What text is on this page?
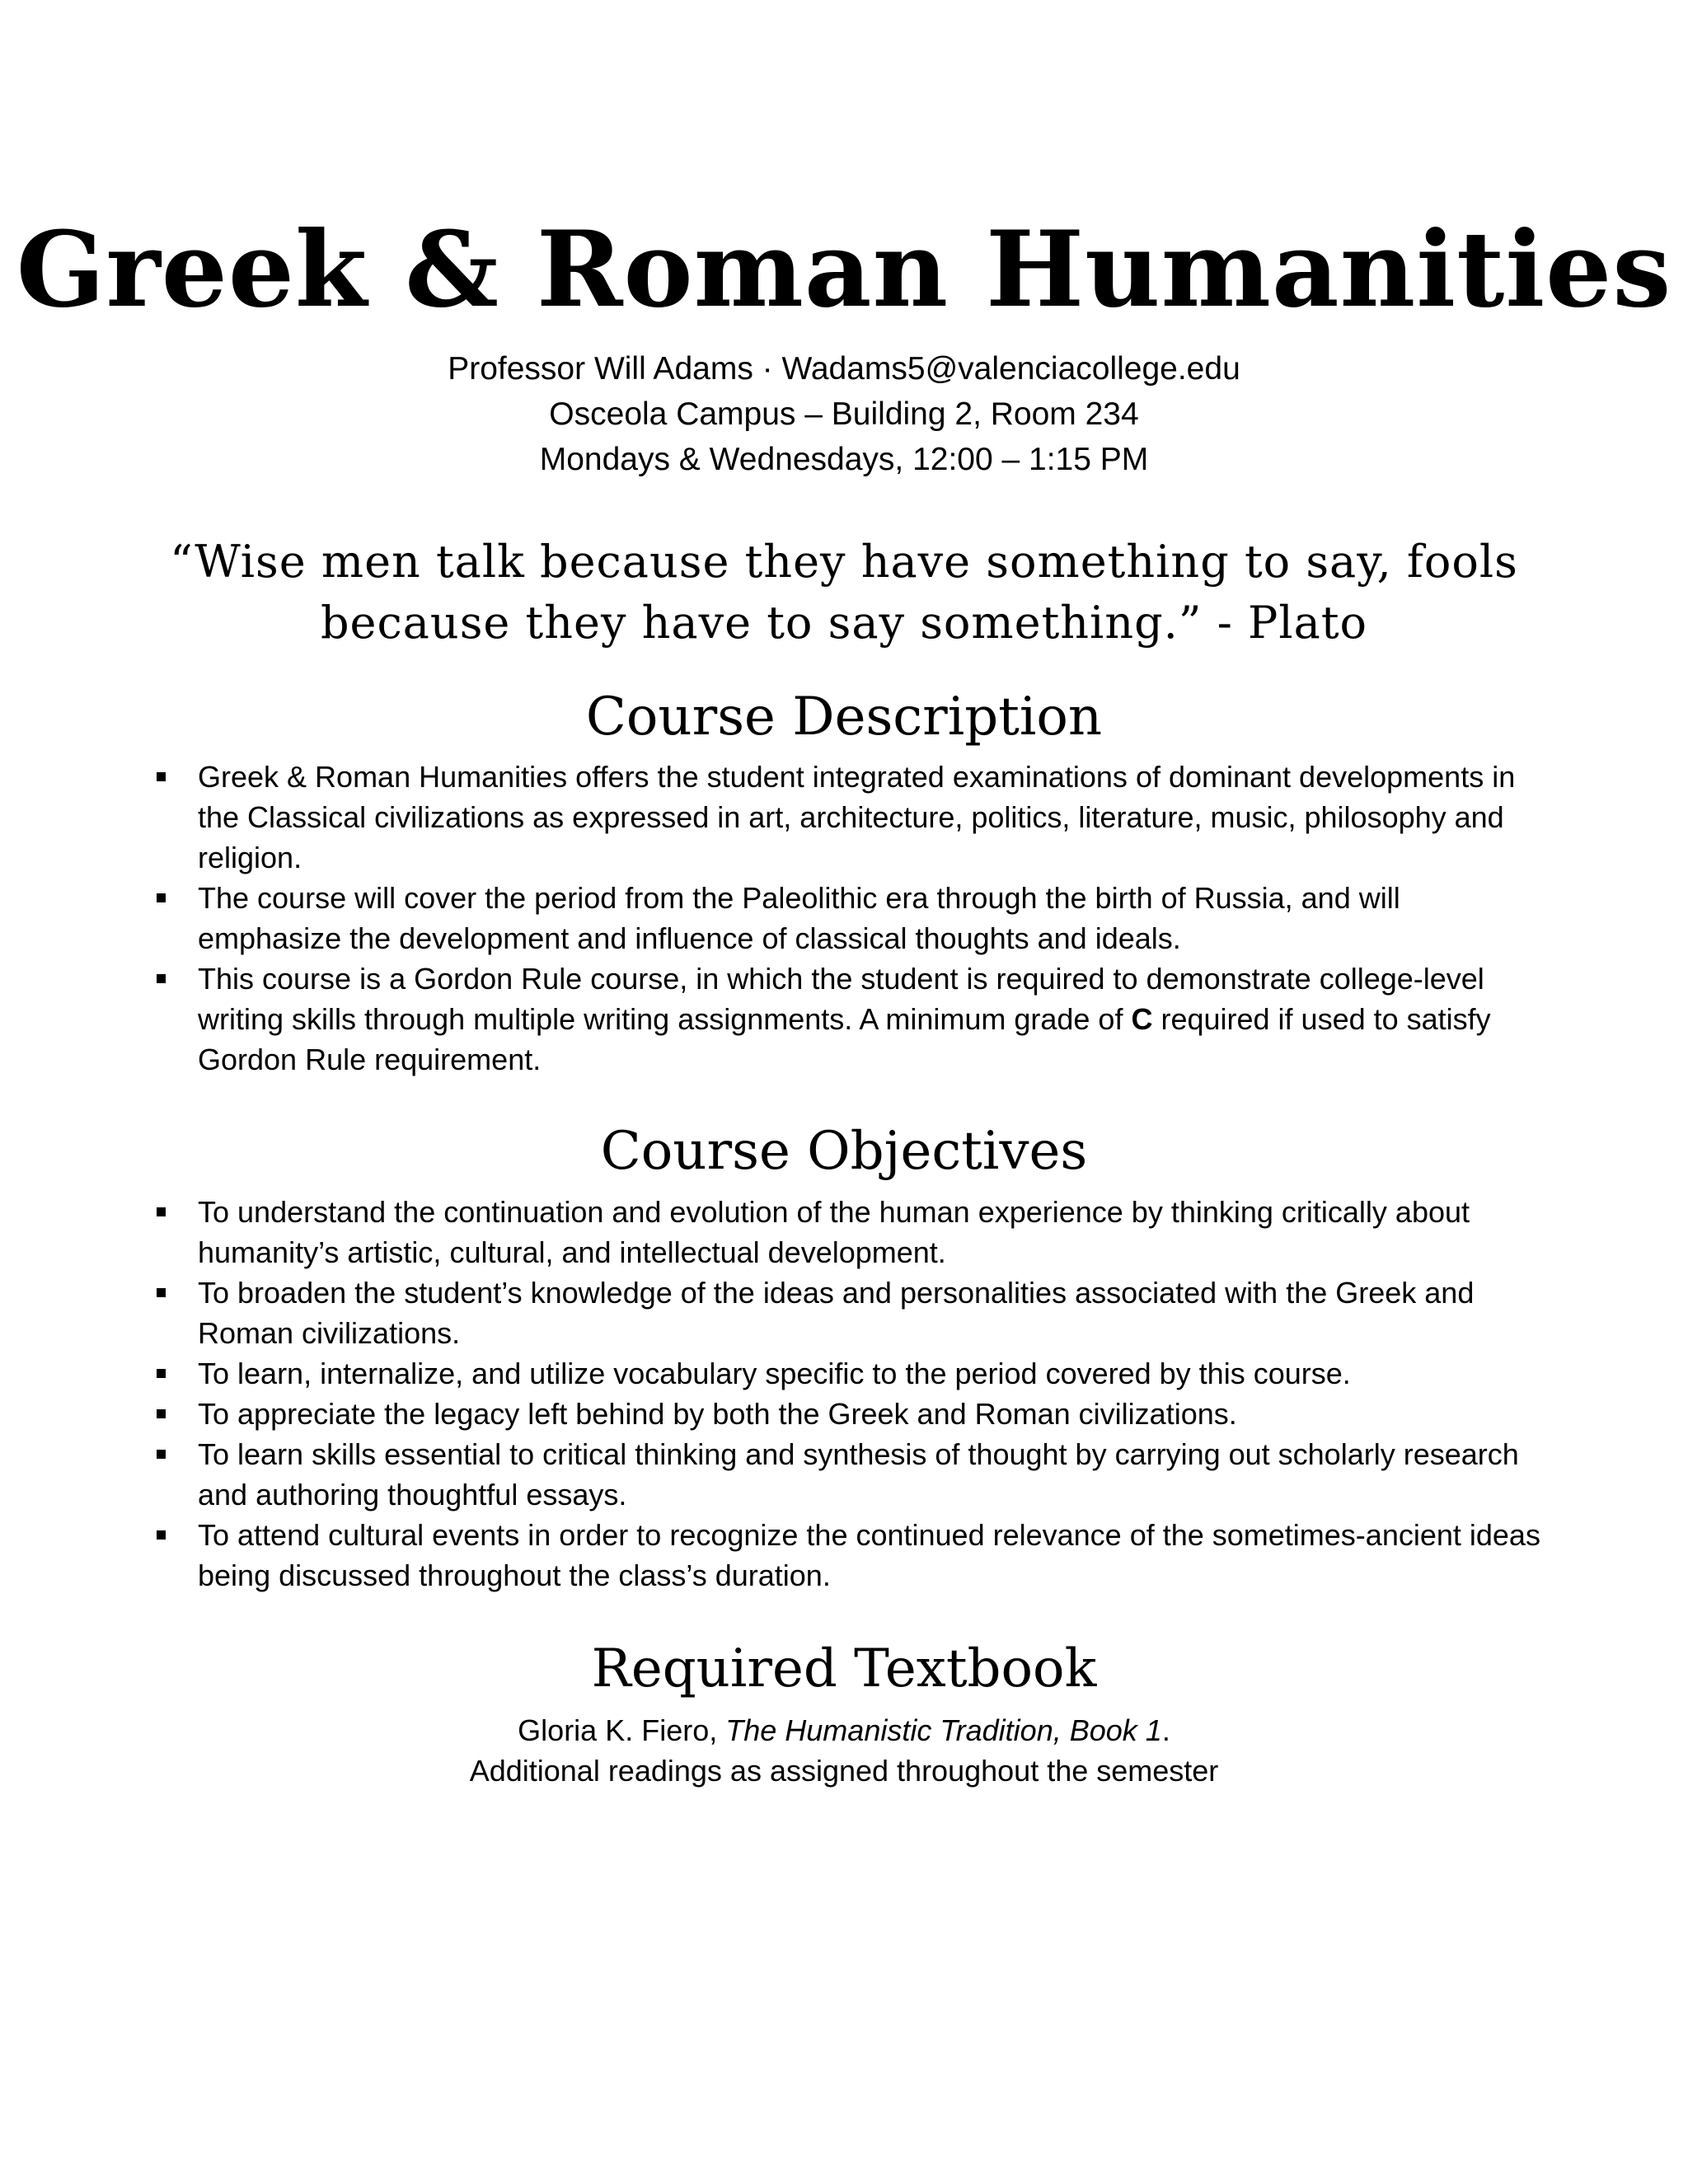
Greek & Roman Humanities
Professor Will Adams · Wadams5@valenciacollege.edu
Osceola Campus – Building 2, Room 234
Mondays & Wednesdays, 12:00 – 1:15 PM
“Wise men talk because they have something to say, fools
because they have to say something.” - Plato
Course Description
Greek & Roman Humanities offers the student integrated examinations of dominant developments in the Classical civilizations as expressed in art, architecture, politics, literature, music, philosophy and religion.
The course will cover the period from the Paleolithic era through the birth of Russia, and will emphasize the development and influence of classical thoughts and ideals.
This course is a Gordon Rule course, in which the student is required to demonstrate college-level writing skills through multiple writing assignments. A minimum grade of C required if used to satisfy Gordon Rule requirement.
Course Objectives
To understand the continuation and evolution of the human experience by thinking critically about humanity’s artistic, cultural, and intellectual development.
To broaden the student’s knowledge of the ideas and personalities associated with the Greek and Roman civilizations.
To learn, internalize, and utilize vocabulary specific to the period covered by this course.
To appreciate the legacy left behind by both the Greek and Roman civilizations.
To learn skills essential to critical thinking and synthesis of thought by carrying out scholarly research and authoring thoughtful essays.
To attend cultural events in order to recognize the continued relevance of the sometimes-ancient ideas being discussed throughout the class’s duration.
Required Textbook
Gloria K. Fiero, The Humanistic Tradition, Book 1.
Additional readings as assigned throughout the semester
